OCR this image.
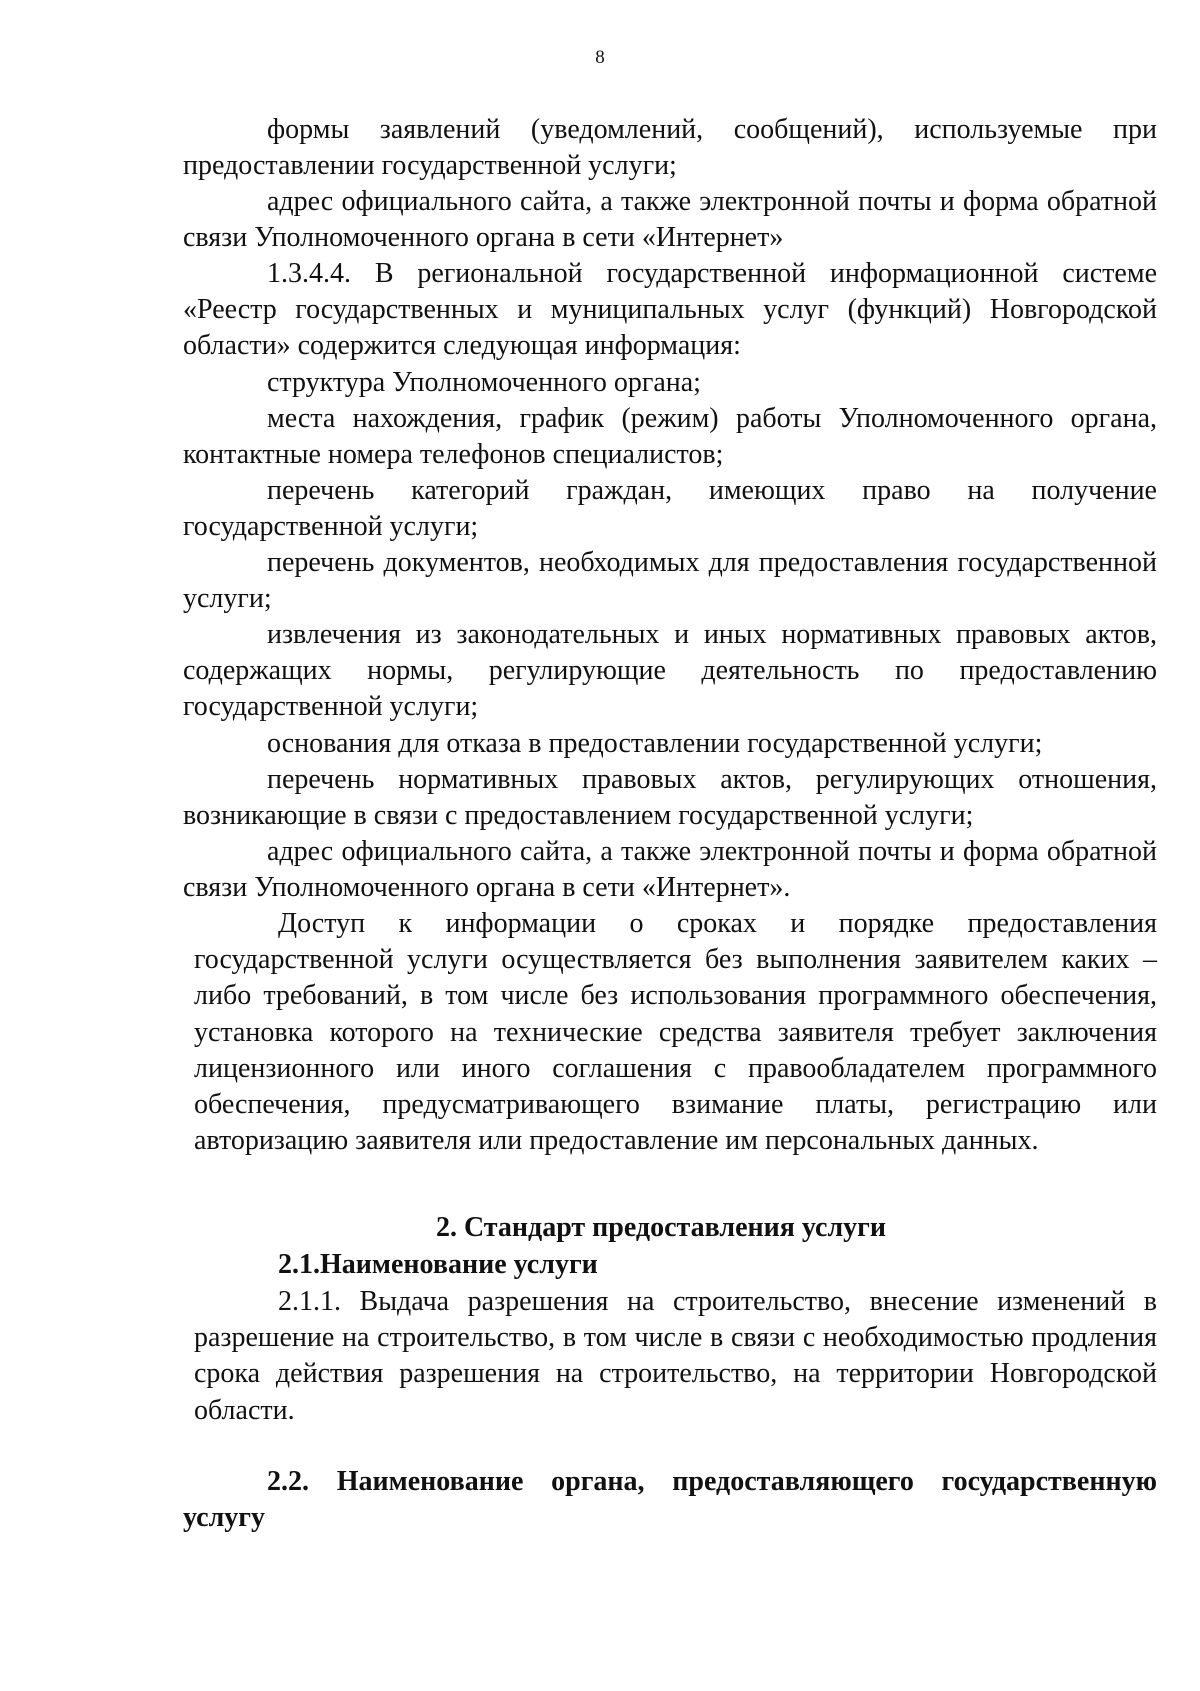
8

формы заявлений (уведомлений, сообщений), используемые при предоставлении государственной услуги;

адрес официального сайта, а также электронной почты и форма обратной связи Уполномоченного органа в сети «Интернет»

1.3.4.4. В региональной государственной информационной системе «Реестр государственных и муниципальных услуг (функций) Новгородской области» содержится следующая информация:

структура Уполномоченного органа;

места нахождения, график (режим) работы Уполномоченного органа, контактные номера телефонов специалистов;

перечень категорий граждан, имеющих право на получение государственной услуги;

перечень документов, необходимых для предоставления государственной услуги;

извлечения из законодательных и иных нормативных правовых актов, содержащих нормы, регулирующие деятельность по предоставлению государственной услуги;

основания для отказа в предоставлении государственной услуги;

перечень нормативных правовых актов, регулирующих отношения, возникающие в связи с предоставлением государственной услуги;

адрес официального сайта, а также электронной почты и форма обратной связи Уполномоченного органа в сети «Интернет».

Доступ к информации о сроках и порядке предоставления государственной услуги осуществляется без выполнения заявителем каких – либо требований, в том числе без использования программного обеспечения, установка которого на технические средства заявителя требует заключения лицензионного или иного соглашения с правообладателем программного обеспечения, предусматривающего взимание платы, регистрацию или авторизацию заявителя или предоставление им персональных данных.

2. Стандарт предоставления услуги
2.1.Наименование услуги

2.1.1. Выдача разрешения на строительство, внесение изменений в разрешение на строительство, в том числе в связи с необходимостью продления срока действия разрешения на строительство, на территории Новгородской области.

2.2. Наименование органа, предоставляющего государственную услугу
